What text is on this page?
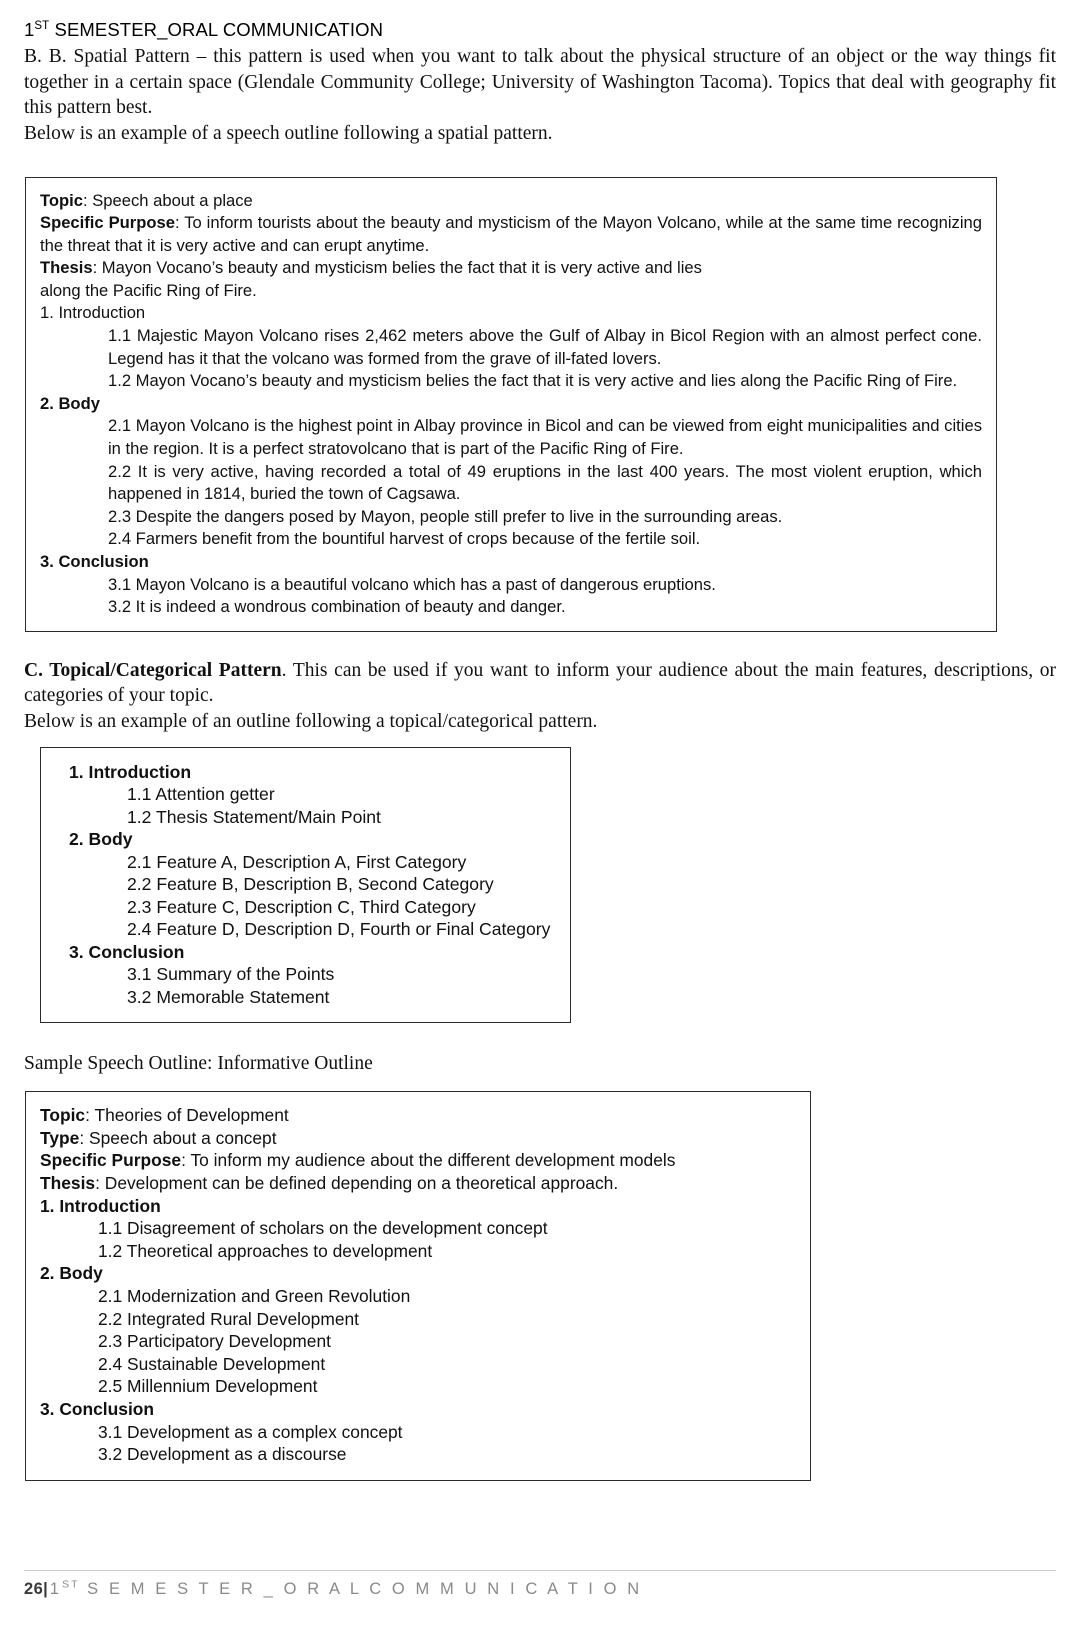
1ST SEMESTER_ORAL COMMUNICATION

B. B. Spatial Pattern – this pattern is used when you want to talk about the physical structure of an object or the way things fit together in a certain space (Glendale Community College; University of Washington Tacoma). Topics that deal with geography fit this pattern best.

Below is an example of a speech outline following a spatial pattern.

Topic: Speech about a place
Specific Purpose: To inform tourists about the beauty and mysticism of the Mayon Volcano, while at the same time recognizing the threat that it is very active and can erupt anytime.
Thesis: Mayon Vocano’s beauty and mysticism belies the fact that it is very active and lies
along the Pacific Ring of Fire.
1. Introduction
1.1 Majestic Mayon Volcano rises 2,462 meters above the Gulf of Albay in Bicol Region with an almost perfect cone. Legend has it that the volcano was formed from the grave of ill-fated lovers.
1.2 Mayon Vocano’s beauty and mysticism belies the fact that it is very active and lies along the Pacific Ring of Fire.
2. Body
2.1 Mayon Volcano is the highest point in Albay province in Bicol and can be viewed from eight municipalities and cities in the region. It is a perfect stratovolcano that is part of the Pacific Ring of Fire.
2.2 It is very active, having recorded a total of 49 eruptions in the last 400 years. The most violent eruption, which happened in 1814, buried the town of Cagsawa.
2.3 Despite the dangers posed by Mayon, people still prefer to live in the surrounding areas.
2.4 Farmers benefit from the bountiful harvest of crops because of the fertile soil.
3. Conclusion
3.1 Mayon Volcano is a beautiful volcano which has a past of dangerous eruptions.
3.2 It is indeed a wondrous combination of beauty and danger.

C. Topical/Categorical Pattern. This can be used if you want to inform your audience about the main features, descriptions, or categories of your topic.

Below is an example of an outline following a topical/categorical pattern.

1. Introduction
1.1 Attention getter
1.2 Thesis Statement/Main Point
2. Body
2.1 Feature A, Description A, First Category
2.2 Feature B, Description B, Second Category
2.3 Feature C, Description C, Third Category
2.4 Feature D, Description D, Fourth or Final Category
3. Conclusion
3.1 Summary of the Points
3.2 Memorable Statement

Sample Speech Outline: Informative Outline

Topic: Theories of Development
Type: Speech about a concept
Specific Purpose: To inform my audience about the different development models
Thesis: Development can be defined depending on a theoretical approach.
1. Introduction
1.1 Disagreement of scholars on the development concept
1.2 Theoretical approaches to development
2. Body
2.1 Modernization and Green Revolution
2.2 Integrated Rural Development
2.3 Participatory Development
2.4 Sustainable Development
2.5 Millennium Development
3. Conclusion
3.1 Development as a complex concept
3.2 Development as a discourse
26|1ST S E M E S T E R _ O R A L C O M M U N I C A T I O N
